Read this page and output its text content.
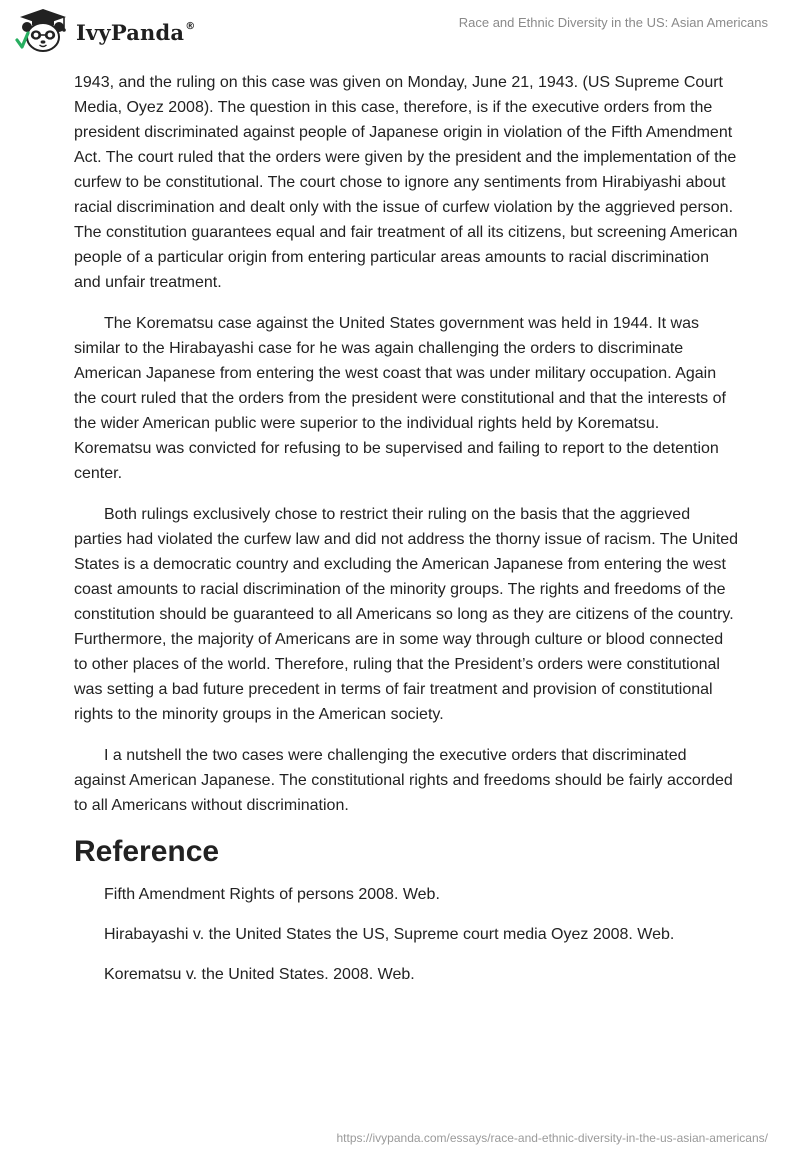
IvyPanda®	Race and Ethnic Diversity in the US: Asian Americans

1943, and the ruling on this case was given on Monday, June 21, 1943. (US Supreme Court Media, Oyez 2008). The question in this case, therefore, is if the executive orders from the president discriminated against people of Japanese origin in violation of the Fifth Amendment Act. The court ruled that the orders were given by the president and the implementation of the curfew to be constitutional. The court chose to ignore any sentiments from Hirabiyashi about racial discrimination and dealt only with the issue of curfew violation by the aggrieved person. The constitution guarantees equal and fair treatment of all its citizens, but screening American people of a particular origin from entering particular areas amounts to racial discrimination and unfair treatment.

The Korematsu case against the United States government was held in 1944. It was similar to the Hirabayashi case for he was again challenging the orders to discriminate American Japanese from entering the west coast that was under military occupation. Again the court ruled that the orders from the president were constitutional and that the interests of the wider American public were superior to the individual rights held by Korematsu. Korematsu was convicted for refusing to be supervised and failing to report to the detention center.

Both rulings exclusively chose to restrict their ruling on the basis that the aggrieved parties had violated the curfew law and did not address the thorny issue of racism. The United States is a democratic country and excluding the American Japanese from entering the west coast amounts to racial discrimination of the minority groups. The rights and freedoms of the constitution should be guaranteed to all Americans so long as they are citizens of the country. Furthermore, the majority of Americans are in some way through culture or blood connected to other places of the world. Therefore, ruling that the President’s orders were constitutional was setting a bad future precedent in terms of fair treatment and provision of constitutional rights to the minority groups in the American society.

I a nutshell the two cases were challenging the executive orders that discriminated against American Japanese. The constitutional rights and freedoms should be fairly accorded to all Americans without discrimination.

Reference
Fifth Amendment Rights of persons 2008. Web.
Hirabayashi v. the United States the US, Supreme court media Oyez 2008. Web.
Korematsu v. the United States. 2008. Web.
https://ivypanda.com/essays/race-and-ethnic-diversity-in-the-us-asian-americans/
